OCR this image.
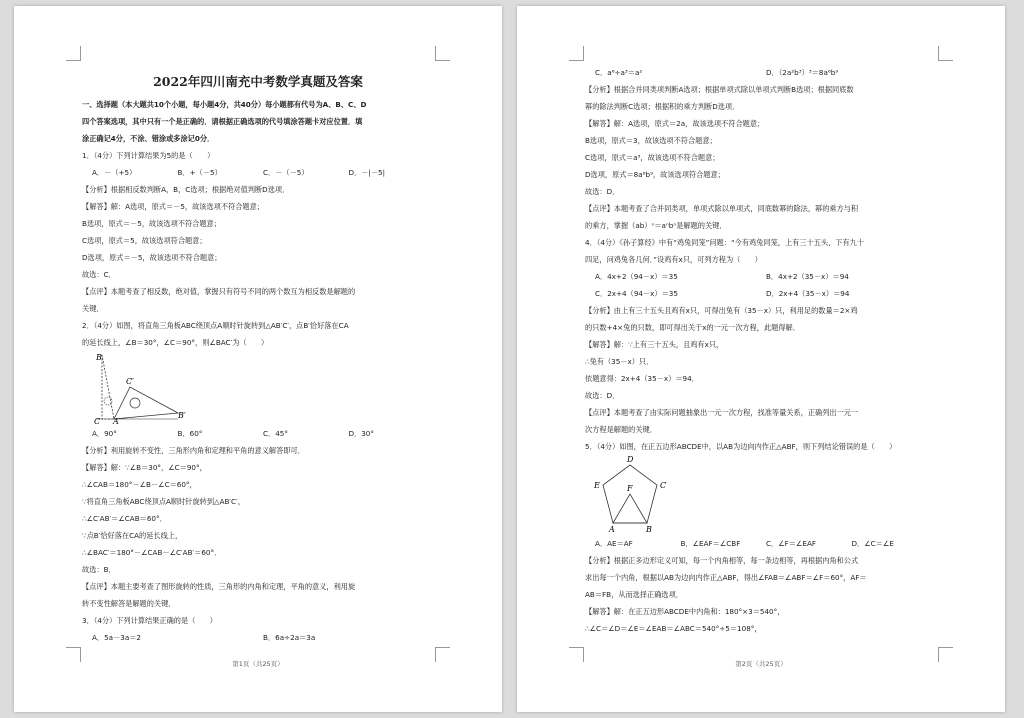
2022年四川南充中考数学真题及答案
一、选择题（本大题共10个小题，每小题4分，共40分）每小题都有代号为A、B、C、D
四个答案选项，其中只有一个是正确的．请根据正确选项的代号填涂答题卡对应位置．填
涂正确记4分，不涂、错涂或多涂记0分．
1．（4分）下列计算结果为5的是（　　）
A．－（+5）	B．+（－5）	C．－（－5）	D．－|－5|
【分析】根据相反数判断A，B，C选项；根据绝对值判断D选项．
【解答】解：A选项，原式＝－5，故该选项不符合题意；
B选项，原式＝－5，故该选项不符合题意；
C选项，原式＝5，故该选项符合题意；
D选项，原式＝－5，故该选项不符合题意；
故选：C．
【点评】本题考查了相反数，绝对值，掌握只有符号不同的两个数互为相反数是解题的
关键．
2．（4分）如图，将直角三角板ABC绕顶点A顺时针旋转到△AB′C′，点B′恰好落在CA
的延长线上，∠B＝30°，∠C＝90°，则∠BAC′为（　　）
B
C A
C′
B′
A．90°	B．60°	C．45°	D．30°
【分析】利用旋转不变性，三角形内角和定理和平角的意义解答即可．
【解答】解：∵∠B＝30°，∠C＝90°，
∴∠CAB＝180°－∠B－∠C＝60°，
∵将直角三角板ABC绕顶点A顺时针旋转到△AB′C′，
∴∠C′AB′＝∠CAB＝60°．
∵点B′恰好落在CA的延长线上，
∴∠BAC′＝180°－∠CAB－∠C′AB′＝60°．
故选：B．
【点评】本题主要考查了图形旋转的性质，三角形的内角和定理，平角的意义，利用旋
转不变性解答是解题的关键．
3．（4分）下列计算结果正确的是（　　）
A．5a－3a＝2	B．6a÷2a＝3a
第1页（共25页）
C．a⁶÷a³＝a²	D．（2a²b³）³＝8a⁶b⁹
【分析】根据合并同类项判断A选项；根据单项式除以单项式判断B选项；根据同底数
幂的除法判断C选项；根据积的乘方判断D选项．
【解答】解：A选项，原式＝2a，故该选项不符合题意；
B选项，原式＝3，故该选项不符合题意；
C选项，原式＝a³，故该选项不符合题意；
D选项，原式＝8a⁶b⁹，故该选项符合题意；
故选：D．
【点评】本题考查了合并同类项，单项式除以单项式，同底数幂的除法，幂的乘方与积
的乘方，掌握（ab）ⁿ＝aⁿbⁿ是解题的关键．
4．（4分）《孙子算经》中有“鸡兔同笼”问题：“今有鸡兔同笼，上有三十五头，下有九十
四足，问鸡兔各几何．”设鸡有x只，可列方程为（　　）
A．4x+2（94－x）＝35	B．4x+2（35－x）＝94
C．2x+4（94－x）＝35	D．2x+4（35－x）＝94
【分析】由上有三十五头且鸡有x只，可得出兔有（35－x）只，利用足的数量＝2×鸡
的只数+4×兔的只数，即可得出关于x的一元一次方程，此题得解．
【解答】解：∵上有三十五头，且鸡有x只，
∴兔有（35－x）只．
依题意得：2x+4（35－x）＝94．
故选：D．
【点评】本题考查了由实际问题抽象出一元一次方程，找准等量关系，正确列出一元一
次方程是解题的关键．
5．（4分）如图，在正五边形ABCDE中，以AB为边向内作正△ABF，则下列结论错误的是（　　）
D
E	C
F
A	B
A．AE＝AF	B．∠EAF＝∠CBF	C．∠F＝∠EAF	D．∠C＝∠E
【分析】根据正多边形定义可知，每一个内角相等，每一条边相等，再根据内角和公式
求出每一个内角，根据以AB为边向内作正△ABF，得出∠FAB＝∠ABF＝∠F＝60°，AF＝
AB＝FB，从而选择正确选项．
【解答】解：在正五边形ABCDE中内角和：180°×3＝540°，
∴∠C＝∠D＝∠E＝∠EAB＝∠ABC＝540°÷5＝108°，
第2页（共25页）
